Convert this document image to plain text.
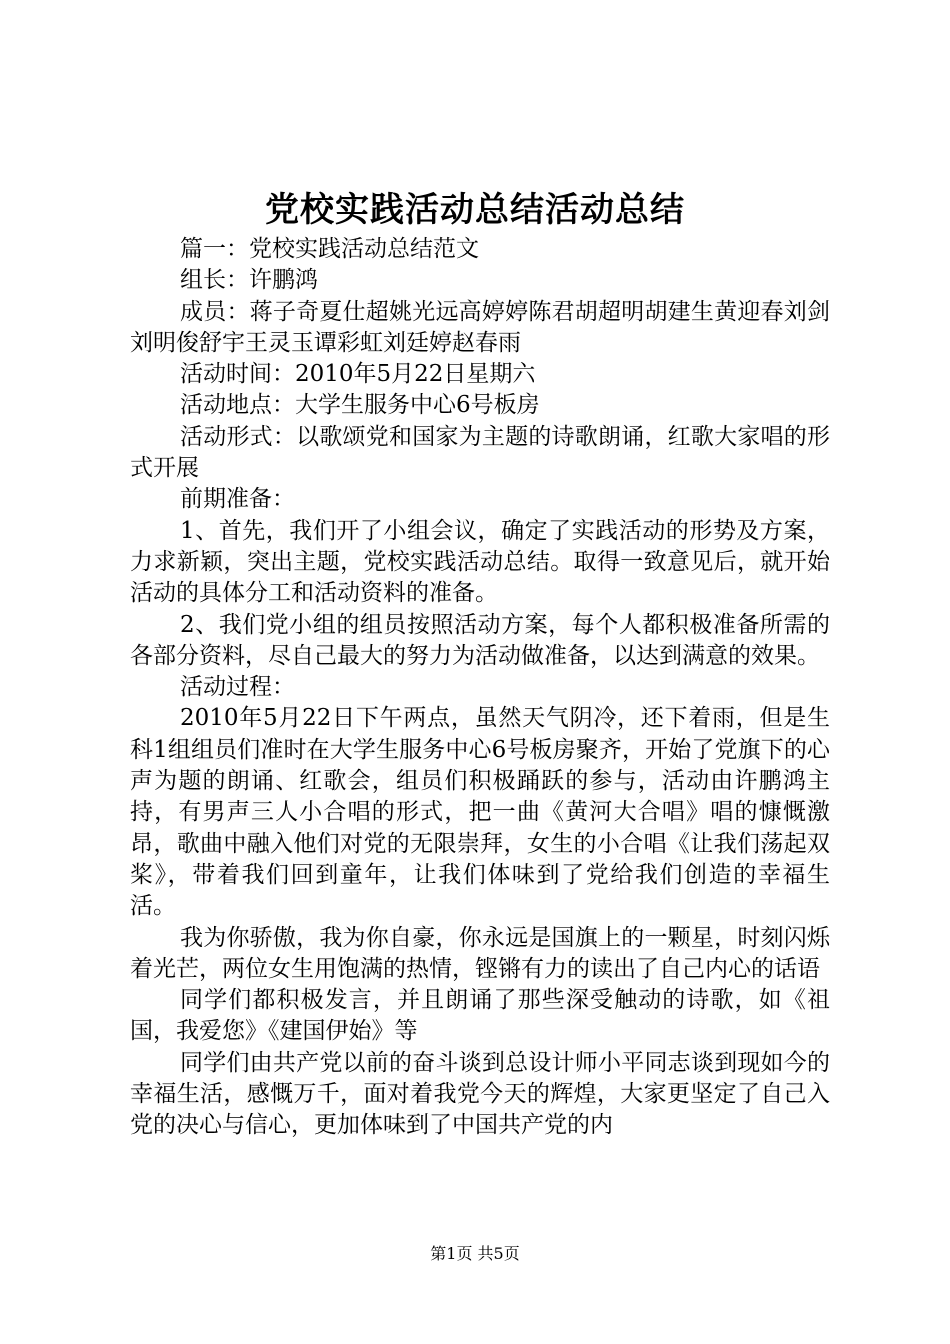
党校实践活动总结活动总结

篇一：党校实践活动总结范文

组长：许鹏鸿

成员：蒋子奇夏仕超姚光远高婷婷陈君胡超明胡建生黄迎春刘剑刘明俊舒宇王灵玉谭彩虹刘廷婷赵春雨

活动时间：2010年5月22日星期六

活动地点：大学生服务中心6号板房

活动形式：以歌颂党和国家为主题的诗歌朗诵，红歌大家唱的形式开展

前期准备：

1、首先，我们开了小组会议，确定了实践活动的形势及方案，力求新颖，突出主题，党校实践活动总结。取得一致意见后，就开始活动的具体分工和活动资料的准备。

2、我们党小组的组员按照活动方案，每个人都积极准备所需的各部分资料，尽自己最大的努力为活动做准备，以达到满意的效果。

活动过程：

2010年5月22日下午两点，虽然天气阴冷，还下着雨，但是生科1组组员们准时在大学生服务中心6号板房聚齐，开始了党旗下的心声为题的朗诵、红歌会，组员们积极踊跃的参与，活动由许鹏鸿主持，有男声三人小合唱的形式，把一曲《黄河大合唱》唱的慷慨激昂，歌曲中融入他们对党的无限崇拜，女生的小合唱《让我们荡起双桨》，带着我们回到童年，让我们体味到了党给我们创造的幸福生活。

我为你骄傲，我为你自豪，你永远是国旗上的一颗星，时刻闪烁着光芒，两位女生用饱满的热情，铿锵有力的读出了自己内心的话语

同学们都积极发言，并且朗诵了那些深受触动的诗歌，如《祖国，我爱您》《建国伊始》等

同学们由共产党以前的奋斗谈到总设计师小平同志谈到现如今的幸福生活，感慨万千，面对着我党今天的辉煌，大家更坚定了自己入党的决心与信心，更加体味到了中国共产党的内

第1页 共5页
